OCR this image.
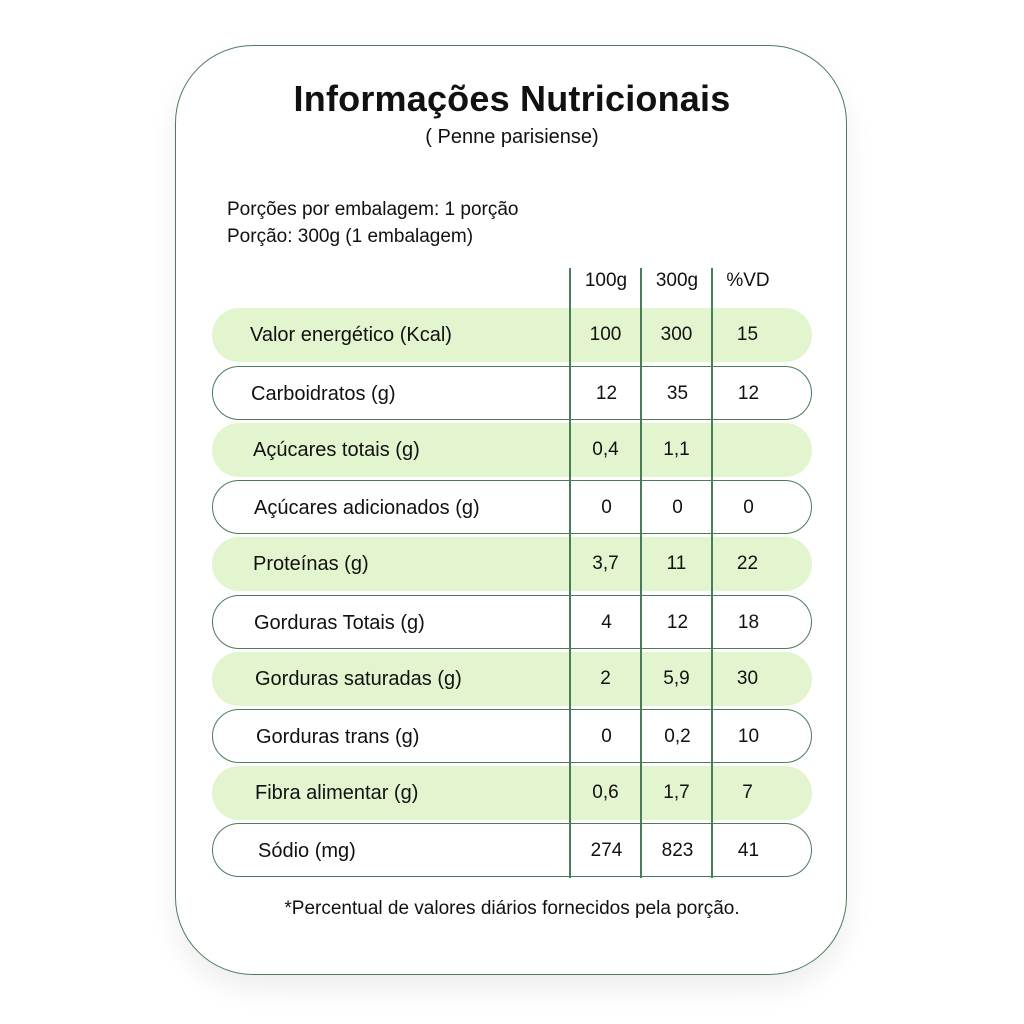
Informações Nutricionais
( Penne parisiense)
Porções por embalagem: 1 porção
Porção: 300g (1 embalagem)
100g	300g	%VD
Valor energético (Kcal)	100	300	15
Carboidratos (g)	12	35	12
Açúcares totais (g)	0,4	1,1
Açúcares adicionados (g)	0	0	0
Proteínas (g)	3,7	11	22
Gorduras Totais (g)	4	12	18
Gorduras saturadas (g)	2	5,9	30
Gorduras trans (g)	0	0,2	10
Fibra alimentar (g)	0,6	1,7	7
Sódio (mg)	274	823	41
*Percentual de valores diários fornecidos pela porção.
